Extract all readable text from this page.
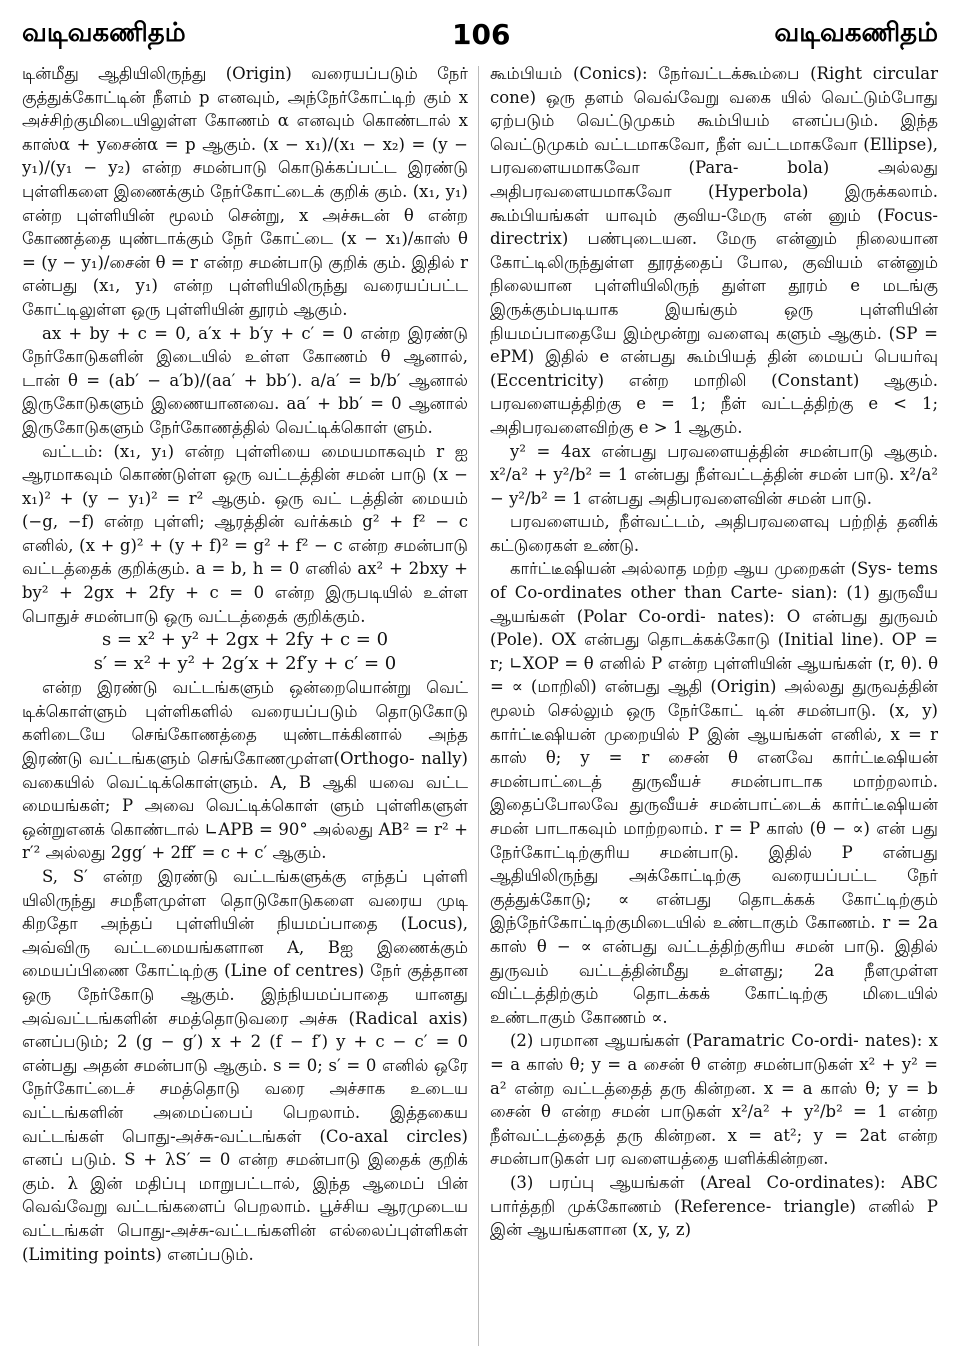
வடிவகணிதம்	106	வடிவகணிதம்

டின்மீது ஆதியிலிருந்து (Origin) வரையப்படும் நேர் குத்துக்கோட்டின் நீளம் p எனவும், அந்நேர்கோட்டிற் கும் x அச்சிற்குமிடையிலுள்ள கோணம் α எனவும் கொண்டால் x காஸ்α + yசைன்α = p ஆகும். (x − x₁)/(x₁ − x₂) = (y − y₁)/(y₁ − y₂) என்ற சமன்பாடு கொடுக்கப்பட்ட இரண்டு புள்ளிகளை இணைக்கும் நேர்கோட்டைக் குறிக் கும். (x₁, y₁) என்ற புள்ளியின் மூலம் சென்று, x அச்சுடன் θ என்ற கோணத்தை யுண்டாக்கும் நேர் கோட்டை (x − x₁)/காஸ் θ = (y − y₁)/சைன் θ = r என்ற சமன்பாடு குறிக் கும். இதில் r என்பது (x₁, y₁) என்ற புள்ளியிலிருந்து வரையப்பட்ட கோட்டிலுள்ள ஒரு புள்ளியின் தூரம் ஆகும்.

ax + by + c = 0, a′x + b′y + c′ = 0 என்ற இரண்டு நேர்கோடுகளின் இடையில் உள்ள கோணம் θ ஆனால், டான் θ = (ab′ − a′b)/(aa′ + bb′). a/a′ = b/b′ ஆனால் இருகோடுகளும் இணையானவை. aa′ + bb′ = 0 ஆனால் இருகோடுகளும் நேர்கோணத்தில் வெட்டிக்கொள் ளும்.

வட்டம்: (x₁, y₁) என்ற புள்ளியை மையமாகவும் r ஐ ஆரமாகவும் கொண்டுள்ள ஒரு வட்டத்தின் சமன் பாடு (x − x₁)² + (y − y₁)² = r² ஆகும். ஒரு வட் டத்தின் மையம் (−g, −f) என்ற புள்ளி; ஆரத்தின் வர்க்கம் g² + f² − c எனில், (x + g)² + (y + f)² = g² + f² − c என்ற சமன்பாடு வட்டத்தைக் குறிக்கும். a = b, h = 0 எனில் ax² + 2bxy + by² + 2gx + 2fy + c = 0 என்ற இருபடியில் உள்ள பொதுச் சமன்பாடு ஒரு வட்டத்தைக் குறிக்கும்.

s = x² + y² + 2gx + 2fy + c = 0

s′ = x² + y² + 2g′x + 2f′y + c′ = 0

என்ற இரண்டு வட்டங்களும் ஒன்றையொன்று வெட் டிக்கொள்ளும் புள்ளிகளில் வரையப்படும் தொடுகோடு களிடையே செங்கோணத்தை யுண்டாக்கினால் அந்த இரண்டு வட்டங்களும் செங்கோணமுள்ள(Orthogo- nally) வகையில் வெட்டிக்கொள்ளும். A, B ஆகி யவை வட்ட மையங்கள்; P அவை வெட்டிக்கொள் ளும் புள்ளிகளுள் ஒன்றுஎனக் கொண்டால் ∟APB = 90° அல்லது AB² = r² + r′² அல்லது 2gg′ + 2ff′ = c + c′ ஆகும்.

S, S′ என்ற இரண்டு வட்டங்களுக்கு எந்தப் புள்ளி யிலிருந்து சமநீளமுள்ள தொடுகோடுகளை வரைய முடி கிறதோ அந்தப் புள்ளியின் நியமப்பாதை (Locus), அவ்விரு வட்டமையங்களான A, Bஐ இணைக்கும் மையப்பிணை கோட்டிற்கு (Line of centres) நேர் குத்தான ஒரு நேர்கோடு ஆகும். இந்நியமப்பாதை யானது அவ்வட்டங்களின் சமத்தொடுவரை அச்சு (Radical axis) எனப்படும்; 2 (g − g′) x + 2 (f − f′) y + c − c′ = 0 என்பது அதன் சமன்பாடு ஆகும். s = 0; s′ = 0 எனில் ஒரே நேர்கோட்டைச் சமத்தொடு வரை அச்சாக உடைய வட்டங்களின் அமைப்பைப் பெறலாம். இத்தகைய வட்டங்கள் பொது-அச்சு-வட்டங்கள் (Co-axal circles) எனப் படும். S + λS′ = 0 என்ற சமன்பாடு இதைக் குறிக் கும். λ இன் மதிப்பு மாறுபட்டால், இந்த ஆமைப் பின் வெவ்வேறு வட்டங்களைப் பெறலாம். பூச்சிய ஆரமுடைய வட்டங்கள் பொது-அச்சு-வட்டங்களின் எல்லைப்புள்ளிகள் (Limiting points) எனப்படும்.

கூம்பியம் (Conics): நேர்வட்டக்கூம்பை (Right circular cone) ஒரு தளம் வெவ்வேறு வகை யில் வெட்டும்போது ஏற்படும் வெட்டுமுகம் கூம்பியம் எனப்படும். இந்த வெட்டுமுகம் வட்டமாகவோ, நீள் வட்டமாகவோ (Ellipse), பரவளையமாகவோ (Para- bola) அல்லது அதிபரவளையமாகவோ (Hyperbola) இருக்கலாம். கூம்பியங்கள் யாவும் குவிய-மேரு என் னும் (Focus-directrix) பண்புடையன. மேரு என்னும் நிலையான கோட்டிலிருந்துள்ள தூரத்தைப் போல, குவியம் என்னும் நிலையான புள்ளியிலிருந் துள்ள தூரம் e மடங்கு இருக்கும்படியாக இயங்கும் ஒரு புள்ளியின் நியமப்பாதையே இம்மூன்று வளைவு களும் ஆகும். (SP = ePM) இதில் e என்பது கூம்பியத் தின் மையப் பெயர்வு (Eccentricity) என்ற மாறிலி (Constant) ஆகும். பரவளையத்திற்கு e = 1; நீள் வட்டத்திற்கு e < 1; அதிபரவளைவிற்கு e > 1 ஆகும்.

y² = 4ax என்பது பரவளையத்தின் சமன்பாடு ஆகும். x²/a² + y²/b² = 1 என்பது நீள்வட்டத்தின் சமன் பாடு. x²/a² − y²/b² = 1 என்பது அதிபரவளைவின் சமன் பாடு.

பரவளையம், நீள்வட்டம், அதிபரவளைவு பற்றித் தனிக் கட்டுரைகள் உண்டு.

கார்ட்டீஷியன் அல்லாத மற்ற ஆய முறைகள் (Sys- tems of Co-ordinates other than Carte- sian): (1) துருவீய ஆயங்கள் (Polar Co-ordi- nates): O என்பது துருவம் (Pole). OX என்பது தொடக்கக்கோடு (Initial line). OP = r; ∟XOP = θ எனில் P என்ற புள்ளியின் ஆயங்கள் (r, θ). θ = ∝ (மாறிலி) என்பது ஆதி (Origin) அல்லது துருவத்தின் மூலம் செல்லும் ஒரு நேர்கோட் டின் சமன்பாடு. (x, y) கார்ட்டீஷியன் முறையில் P இன் ஆயங்கள் எனில், x = r காஸ் θ; y = r சைன் θ எனவே கார்ட்டீஷியன் சமன்பாட்டைத் துருவீயச் சமன்பாடாக மாற்றலாம். இதைப்போலவே துருவீயச் சமன்பாட்டைக் கார்ட்டீஷியன் சமன் பாடாகவும் மாற்றலாம். r = P காஸ் (θ − ∝) என் பது நேர்கோட்டிற்குரிய சமன்பாடு. இதில் P என்பது ஆதியிலிருந்து அக்கோட்டிற்கு வரையப்பட்ட நேர் குத்துக்கோடு; ∝ என்பது தொடக்கக் கோட்டிற்கும் இந்நேர்கோட்டிற்குமிடையில் உண்டாகும் கோணம். r = 2a காஸ் θ − ∝ என்பது வட்டத்திற்குரிய சமன் பாடு. இதில் துருவம் வட்டத்தின்மீது உள்ளது; 2a நீளமுள்ள விட்டத்திற்கும் தொடக்கக் கோட்டிற்கு மிடையில் உண்டாகும் கோணம் ∝.

(2) பரமான ஆயங்கள் (Paramatric Co-ordi- nates): x = a காஸ் θ; y = a சைன் θ என்ற சமன்பாடுகள் x² + y² = a² என்ற வட்டத்தைத் தரு கின்றன. x = a காஸ் θ; y = b சைன் θ என்ற சமன் பாடுகள் x²/a² + y²/b² = 1 என்ற நீள்வட்டத்தைத் தரு கின்றன. x = at²; y = 2at என்ற சமன்பாடுகள் பர வளையத்தை யளிக்கின்றன.

(3) பரப்பு ஆயங்கள் (Areal Co-ordinates): ABC பார்த்தறி முக்கோணம் (Reference- triangle) எனில் P இன் ஆயங்களான (x, y, z)
